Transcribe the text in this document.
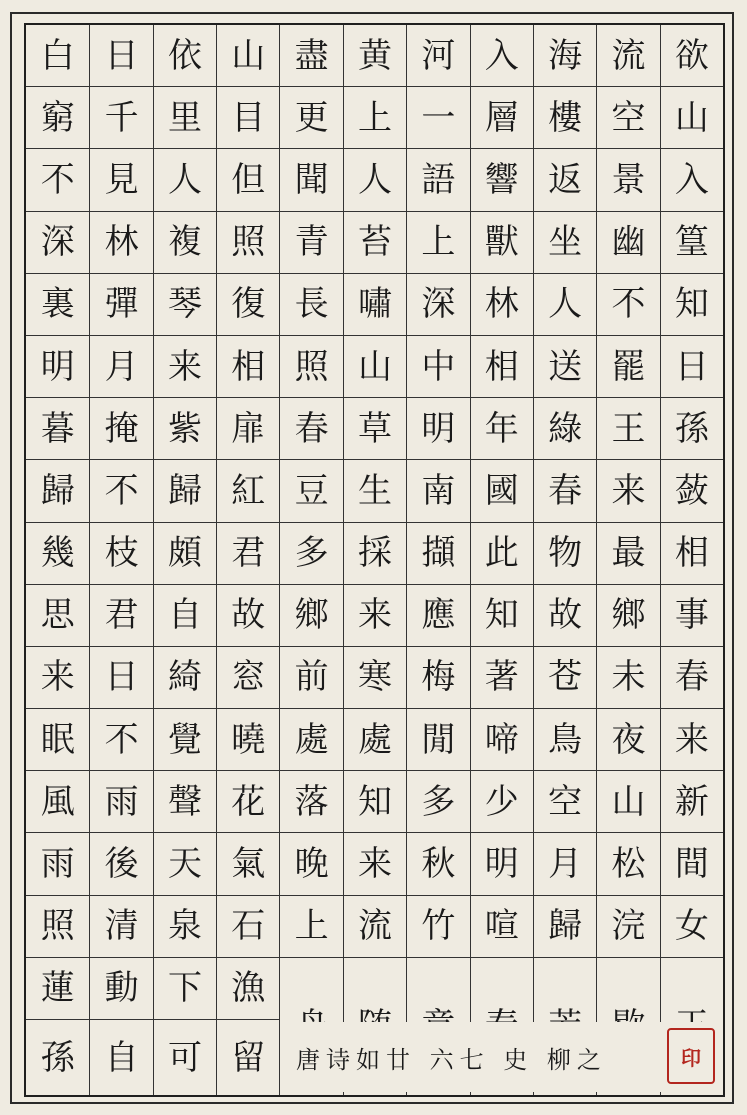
欲
山
入
篁
知
日
孫
蔹
相
事
春
来
新
間
女
流
空
景
幽
不
罷
王
来
最
鄉
未
夜
山
松
浣
海
樓
返
坐
人
送
綠
春
物
故
苍
鳥
空
月
歸
入
層
響
獸
林
相
年
國
此
知
著
啼
少
明
喧
河
一
語
上
深
中
明
南
擷
應
梅
閒
多
秋
竹
黄
上
人
苔
嘯
山
草
生
採
来
寒
處
知
来
流
盡
更
聞
青
長
照
春
豆
多
鄉
前
處
落
晚
上
山
目
但
照
復
相
扉
紅
君
故
窓
曉
花
氣
石
漁
留
依
里
人
複
琴
来
紫
歸
頗
自
綺
覺
聲
天
泉
下
可
日
千
見
林
彈
月
掩
不
枝
君
日
不
雨
後
清
動
自
白
窮
不
深
裏
明
暮
歸
幾
思
来
眠
風
雨
照
蓮
孫	唐诗如廿 六七 史 柳之	印
